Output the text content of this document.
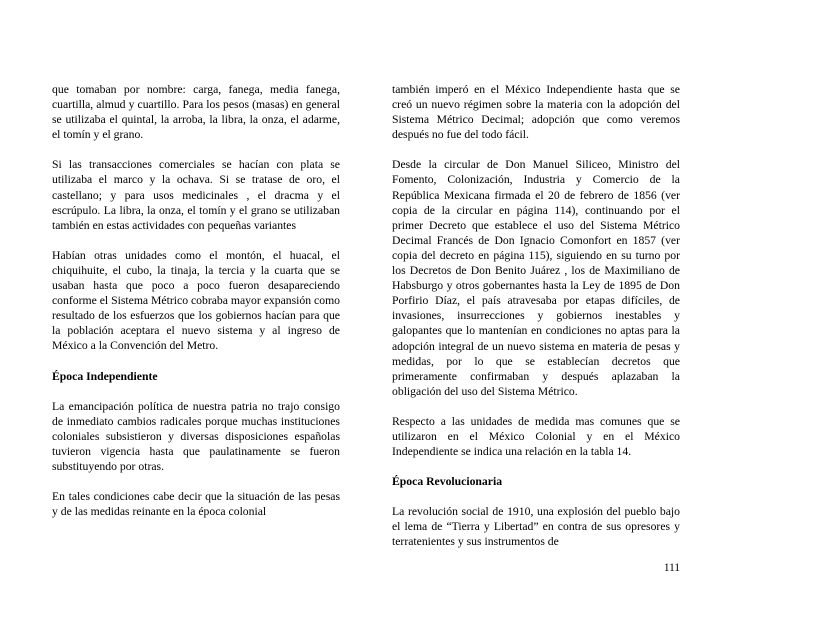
que tomaban por nombre: carga, fanega, media fanega, cuartilla, almud y cuartillo. Para los pesos (masas) en general se utilizaba el quintal, la arroba, la libra, la onza, el adarme, el tomín y el grano.

Si las transacciones comerciales se hacían con plata se utilizaba el marco y la ochava. Si se tratase de oro, el castellano; y para usos medicinales , el dracma y el escrúpulo. La libra, la onza, el tomín y el grano se utilizaban también en estas actividades con pequeñas variantes

Habían otras unidades como el montón, el huacal, el chiquihuite, el cubo, la tinaja, la tercia y la cuarta que se usaban hasta que poco a poco fueron desapareciendo conforme el Sistema Métrico cobraba mayor expansión como resultado de los esfuerzos que los gobiernos hacían para que la población aceptara el nuevo sistema y al ingreso de México a la Convención del Metro.

Época Independiente

La emancipación política de nuestra patria no trajo consigo de inmediato cambios radicales porque muchas instituciones coloniales subsistieron y diversas disposiciones españolas tuvieron vigencia hasta que paulatinamente se fueron substituyendo por otras.

En tales condiciones cabe decir que la situación de las pesas y de las medidas reinante en la época colonial

también imperó en el México Independiente hasta que se creó un nuevo régimen sobre la materia con la adopción del Sistema Métrico Decimal; adopción que como veremos después no fue del todo fácil.

Desde la circular de Don Manuel Siliceo, Ministro del Fomento, Colonización, Industria y Comercio de la República Mexicana firmada el 20 de febrero de 1856 (ver copia de la circular en página 114), continuando por el primer Decreto que establece el uso del Sistema Métrico Decimal Francés de Don Ignacio Comonfort en 1857 (ver copia del decreto en página 115), siguiendo en su turno por los Decretos de Don Benito Juárez , los de Maximiliano de Habsburgo y otros gobernantes hasta la Ley de 1895 de Don Porfirio Díaz, el país atravesaba por etapas difíciles, de invasiones, insurrecciones y gobiernos inestables y galopantes que lo mantenían en condiciones no aptas para la adopción integral de un nuevo sistema en materia de pesas y medidas, por lo que se establecían decretos que primeramente confirmaban y después aplazaban la obligación del uso del Sistema Métrico.

Respecto a las unidades de medida mas comunes que se utilizaron en el México Colonial y en el México Independiente se indica una relación en la tabla 14.

Época Revolucionaria

La revolución social de 1910, una explosión del pueblo bajo el lema de “Tierra y Libertad” en contra de sus opresores y terratenientes y sus instrumentos de

111
